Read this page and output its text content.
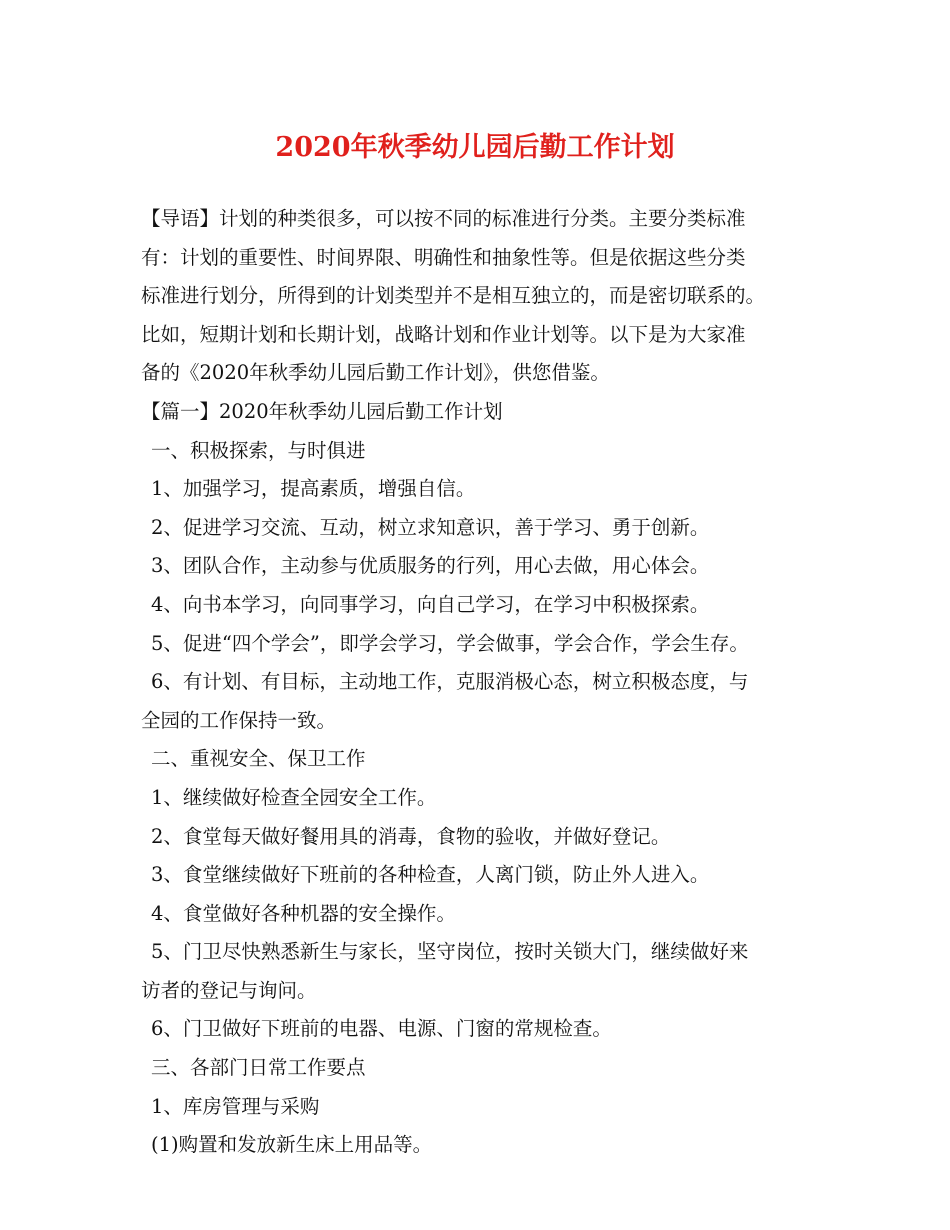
2020年秋季幼儿园后勤工作计划

【导语】计划的种类很多，可以按不同的标准进行分类。主要分类标准

有：计划的重要性、时间界限、明确性和抽象性等。但是依据这些分类

标准进行划分，所得到的计划类型并不是相互独立的，而是密切联系的。

比如，短期计划和长期计划，战略计划和作业计划等。以下是为大家准

备的《2020年秋季幼儿园后勤工作计划》，供您借鉴。

【篇一】2020年秋季幼儿园后勤工作计划

一、积极探索，与时俱进

1、加强学习，提高素质，增强自信。

2、促进学习交流、互动，树立求知意识，善于学习、勇于创新。

3、团队合作，主动参与优质服务的行列，用心去做，用心体会。

4、向书本学习，向同事学习，向自己学习，在学习中积极探索。

5、促进“四个学会”，即学会学习，学会做事，学会合作，学会生存。

6、有计划、有目标，主动地工作，克服消极心态，树立积极态度，与

全园的工作保持一致。

二、重视安全、保卫工作

1、继续做好检查全园安全工作。

2、食堂每天做好餐用具的消毒，食物的验收，并做好登记。

3、食堂继续做好下班前的各种检查，人离门锁，防止外人进入。

4、食堂做好各种机器的安全操作。

5、门卫尽快熟悉新生与家长，坚守岗位，按时关锁大门，继续做好来

访者的登记与询问。

6、门卫做好下班前的电器、电源、门窗的常规检查。

三、各部门日常工作要点

1、库房管理与采购

(1)购置和发放新生床上用品等。
